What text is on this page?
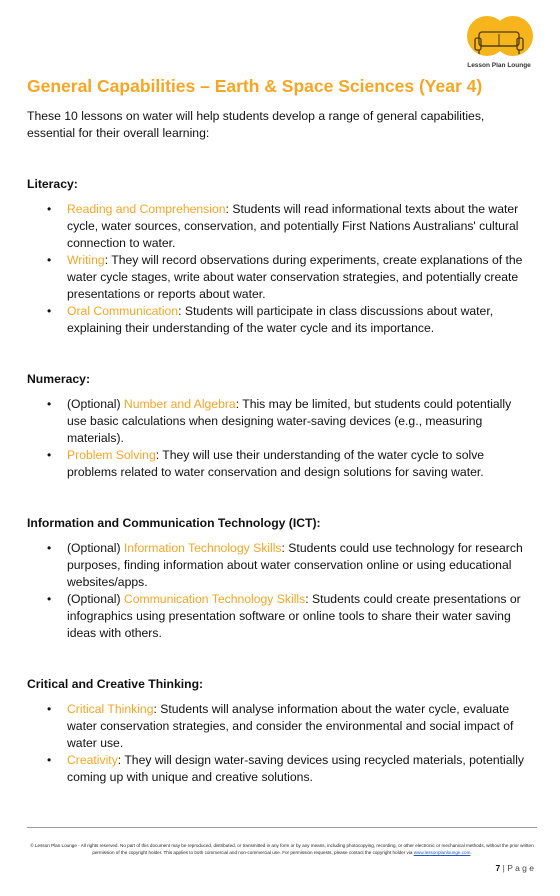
Lesson Plan Lounge
General Capabilities – Earth & Space Sciences (Year 4)

These 10 lessons on water will help students develop a range of general capabilities, essential for their overall learning:

Literacy:
• Reading and Comprehension: Students will read informational texts about the water cycle, water sources, conservation, and potentially First Nations Australians' cultural connection to water.
• Writing: They will record observations during experiments, create explanations of the water cycle stages, write about water conservation strategies, and potentially create presentations or reports about water.
• Oral Communication: Students will participate in class discussions about water, explaining their understanding of the water cycle and its importance.
Numeracy:
• (Optional) Number and Algebra: This may be limited, but students could potentially use basic calculations when designing water-saving devices (e.g., measuring materials).
• Problem Solving: They will use their understanding of the water cycle to solve problems related to water conservation and design solutions for saving water.
Information and Communication Technology (ICT):
• (Optional) Information Technology Skills: Students could use technology for research purposes, finding information about water conservation online or using educational websites/apps.
• (Optional) Communication Technology Skills: Students could create presentations or infographics using presentation software or online tools to share their water saving ideas with others.
Critical and Creative Thinking:
• Critical Thinking: Students will analyse information about the water cycle, evaluate water conservation strategies, and consider the environmental and social impact of water use.
• Creativity: They will design water-saving devices using recycled materials, potentially coming up with unique and creative solutions.
© Lesson Plan Lounge - All rights reserved. No part of this document may be reproduced, distributed, or transmitted in any form or by any means, including photocopying, recording, or other electronic or mechanical methods, without the prior written permission of the copyright holder. This applies to both commercial and non-commercial use. For permission requests, please contact the copyright holder via www.lessonplanlounge.com.
7 | P a g e
